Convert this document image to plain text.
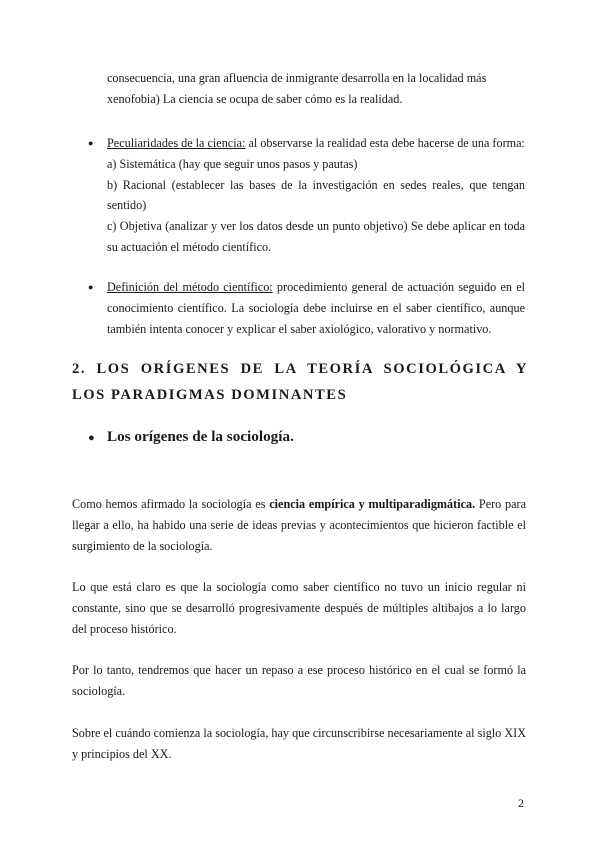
consecuencia, una gran afluencia de inmigrante desarrolla en la localidad más
xenofobia) La ciencia se ocupa de saber cómo es la realidad.

● Peculiaridades de la ciencia: al observarse la realidad esta debe hacerse de una forma:
a) Sistemática (hay que seguir unos pasos y pautas)
b) Racional (establecer las bases de la investigación en sedes reales, que tengan sentido)
c) Objetiva (analizar y ver los datos desde un punto objetivo) Se debe aplicar en toda su actuación el método científico.
● Definición del método científico: procedimiento general de actuación seguido en el conocimiento científico. La sociología debe incluirse en el saber científico, aunque también intenta conocer y explicar el saber axiológico, valorativo y normativo.
2. LOS ORÍGENES DE LA TEORÍA SOCIOLÓGICA Y LOS PARADIGMAS DOMINANTES
● Los orígenes de la sociología.

Como hemos afirmado la sociología es ciencia empírica y multiparadigmática. Pero para llegar a ello, ha habido una serie de ideas previas y acontecimientos que hicieron factible el surgimiento de la sociología.

Lo que está claro es que la sociología como saber científico no tuvo un inicio regular ni constante, sino que se desarrolló progresivamente después de múltiples altibajos a lo largo del proceso histórico.

Por lo tanto, tendremos que hacer un repaso a ese proceso histórico en el cual se formó la sociología.

Sobre el cuándo comienza la sociología, hay que circunscribirse necesariamente al siglo XIX y principios del XX.

2
